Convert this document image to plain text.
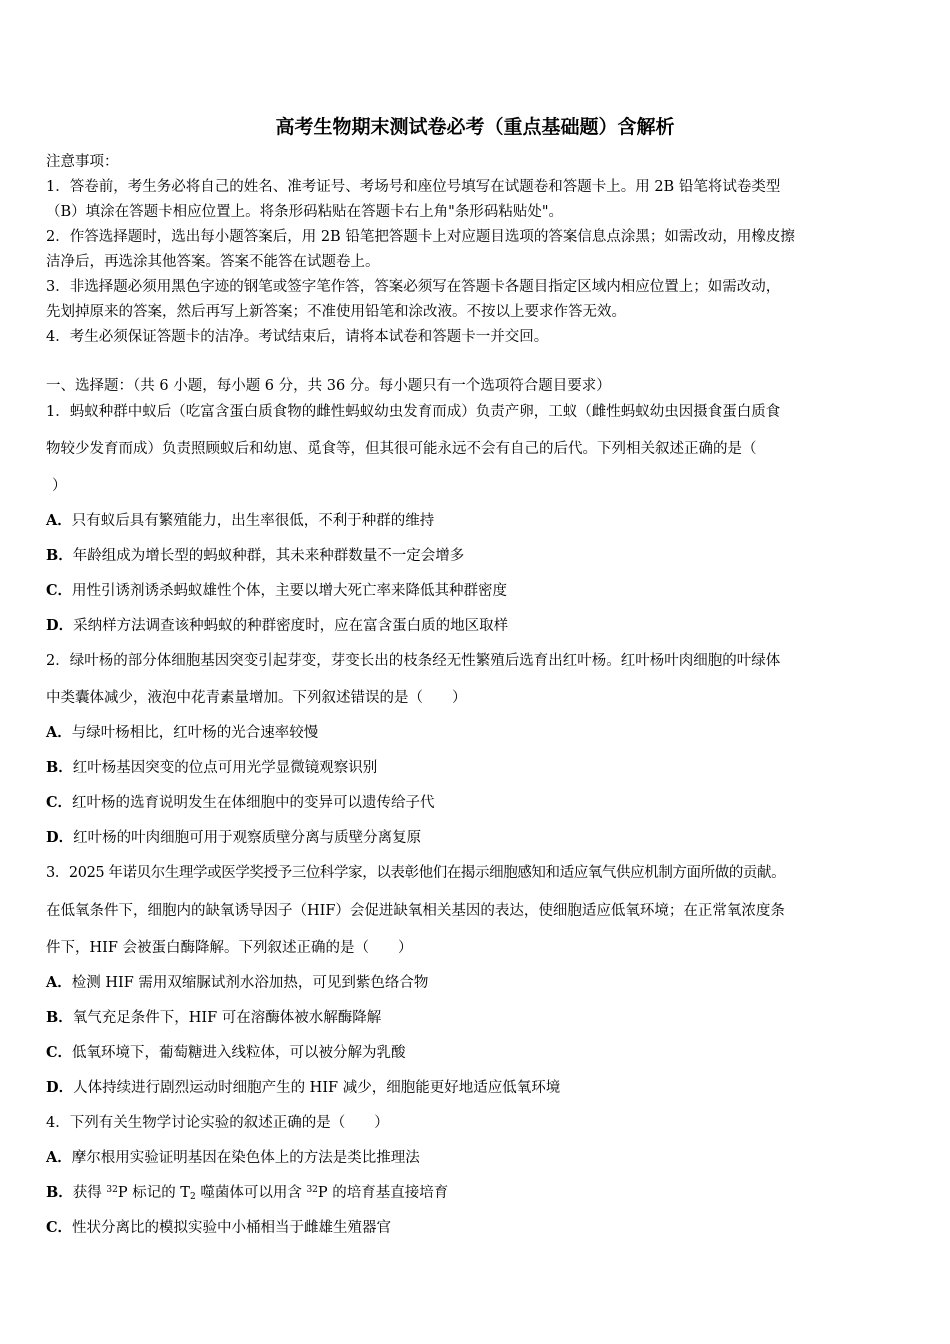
高考生物期末测试卷必考（重点基础题）含解析
注意事项：
1．答卷前，考生务必将自己的姓名、准考证号、考场号和座位号填写在试题卷和答题卡上。用 2B 铅笔将试卷类型
（B）填涂在答题卡相应位置上。将条形码粘贴在答题卡右上角"条形码粘贴处"。
2．作答选择题时，选出每小题答案后，用 2B 铅笔把答题卡上对应题目选项的答案信息点涂黑；如需改动，用橡皮擦
洁净后，再选涂其他答案。答案不能答在试题卷上。
3．非选择题必须用黑色字迹的钢笔或签字笔作答，答案必须写在答题卡各题目指定区域内相应位置上；如需改动，
先划掉原来的答案，然后再写上新答案；不准使用铅笔和涂改液。不按以上要求作答无效。
4．考生必须保证答题卡的洁净。考试结束后，请将本试卷和答题卡一并交回。
一、选择题：（共 6 小题，每小题 6 分，共 36 分。每小题只有一个选项符合题目要求）
1．蚂蚁种群中蚁后（吃富含蛋白质食物的雌性蚂蚁幼虫发育而成）负责产卵，工蚁（雌性蚂蚁幼虫因摄食蛋白质食
物较少发育而成）负责照顾蚁后和幼崽、觅食等，但其很可能永远不会有自己的后代。下列相关叙述正确的是（
）
A．只有蚁后具有繁殖能力，出生率很低，不利于种群的维持
B．年龄组成为增长型的蚂蚁种群，其未来种群数量不一定会增多
C．用性引诱剂诱杀蚂蚁雄性个体，主要以增大死亡率来降低其种群密度
D．采纳样方法调查该种蚂蚁的种群密度时，应在富含蛋白质的地区取样
2．绿叶杨的部分体细胞基因突变引起芽变，芽变长出的枝条经无性繁殖后选育出红叶杨。红叶杨叶肉细胞的叶绿体
中类囊体减少，液泡中花青素量增加。下列叙述错误的是（　　）
A．与绿叶杨相比，红叶杨的光合速率较慢
B．红叶杨基因突变的位点可用光学显微镜观察识别
C．红叶杨的选育说明发生在体细胞中的变异可以遗传给子代
D．红叶杨的叶肉细胞可用于观察质壁分离与质壁分离复原
3．2025 年诺贝尔生理学或医学奖授予三位科学家，以表彰他们在揭示细胞感知和适应氧气供应机制方面所做的贡献。
在低氧条件下，细胞内的缺氧诱导因子（HIF）会促进缺氧相关基因的表达，使细胞适应低氧环境；在正常氧浓度条
件下，HIF 会被蛋白酶降解。下列叙述正确的是（　　）
A．检测 HIF 需用双缩脲试剂水浴加热，可见到紫色络合物
B．氧气充足条件下，HIF 可在溶酶体被水解酶降解
C．低氧环境下，葡萄糖进入线粒体，可以被分解为乳酸
D．人体持续进行剧烈运动时细胞产生的 HIF 减少，细胞能更好地适应低氧环境
4．下列有关生物学讨论实验的叙述正确的是（　　）
A．摩尔根用实验证明基因在染色体上的方法是类比推理法
B．获得 $^{32}$P 标记的 $T_2$ 噬菌体可以用含 $^{32}$P 的培育基直接培育
C．性状分离比的模拟实验中小桶相当于雌雄生殖器官
